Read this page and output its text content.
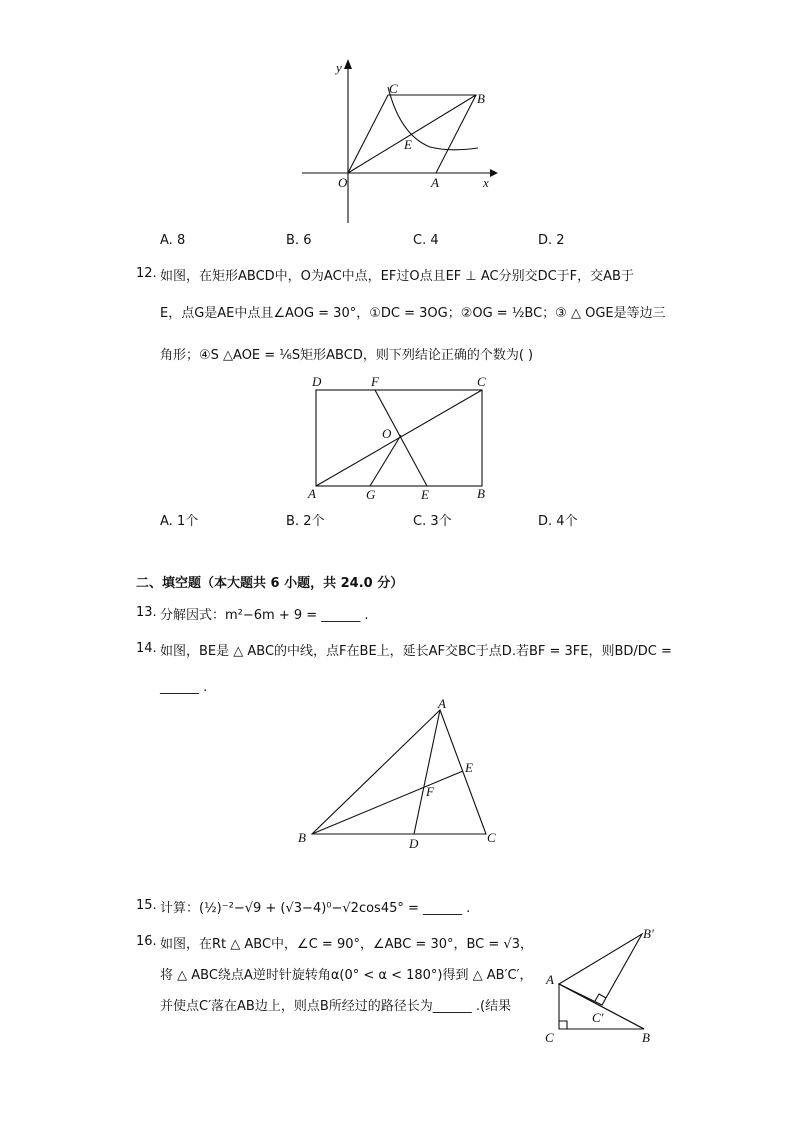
y
x
O	A
B
C
E
A. 8	B. 6	C. 4	D. 2
12. 如图，在矩形ABCD中，O为AC中点，EF过O点且EF ⊥ AC分别交DC于F，交AB于
E，点G是AE中点且∠AOG = 30°，①DC = 3OG；②OG = ½BC；③ △ OGE是等边三
角形；④S △AOE = ⅙S矩形ABCD，则下列结论正确的个数为( )
D	F	C
O
A	G	E	B
A. 1个	B. 2个	C. 3个	D. 4个
二、填空题（本大题共 6 小题，共 24.0 分）
13. 分解因式：m²−6m + 9 = ______ .
14. 如图，BE是 △ ABC的中线，点F在BE上，延长AF交BC于点D.若BF = 3FE，则BD/DC =
______ .
A
B	C
D
E
F
15. 计算：(½)⁻²−√9 + (√3−4)⁰−√2cos45° = ______ .
16. 如图，在Rt △ ABC中，∠C = 90°，∠ABC = 30°，BC = √3，
将 △ ABC绕点A逆时针旋转角α(0° < α < 180°)得到 △ AB′C′，
并使点C′落在AB边上，则点B所经过的路径长为______ .(结果
A
B
C
B′
C′
